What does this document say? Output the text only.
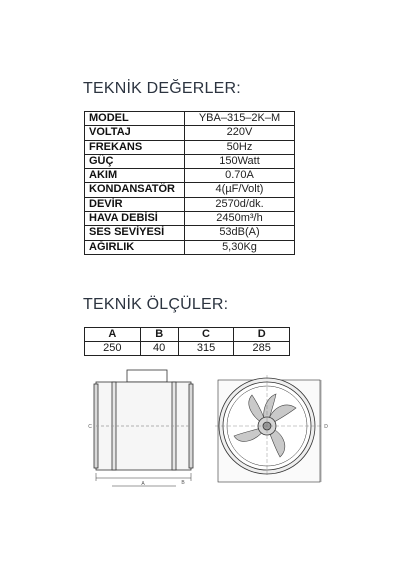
TEKNİK DEĞERLER:
MODEL	YBA–315–2K–M
VOLTAJ	220V
FREKANS	50Hz
GÜÇ	150Watt
AKIM	0.70A
KONDANSATÖR	4(µF/Volt)
DEVİR	2570d/dk.
HAVA DEBİSİ	2450m³/h
SES SEVİYESİ	53dB(A)
AĞIRLIK	5,30Kg
TEKNİK ÖLÇÜLER:
A	B	C	D
250	40	315	285
A	B
C	D
